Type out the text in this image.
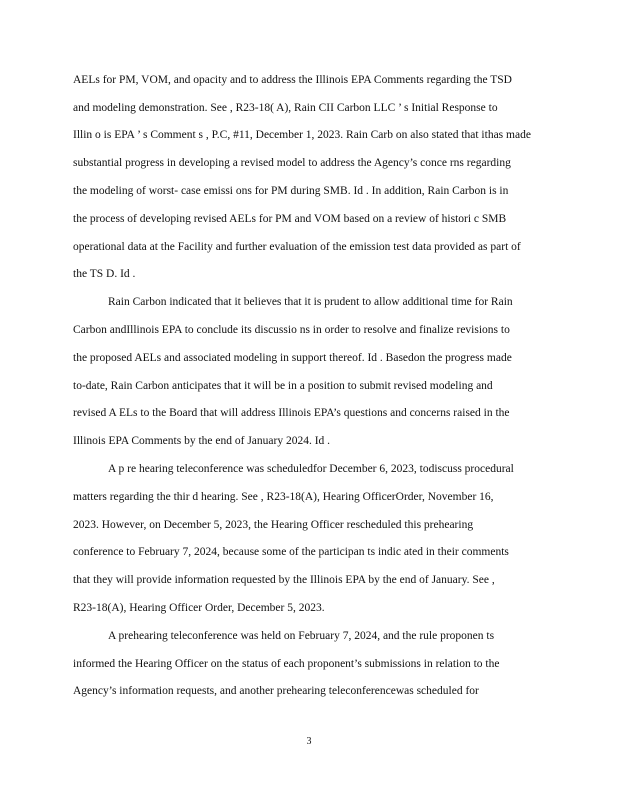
AELs for PM, VOM, and opacity and to address the Illinois EPA Comments regarding the TSD
and modeling demonstration. See , R23-18( A), Rain CII Carbon LLC ’ s Initial Response to
Illin o is EPA ’ s Comment s , P.C, #11, December 1, 2023. Rain Carb on also stated that ithas made
substantial progress in developing a revised model to address the Agency’s conce rns regarding
the modeling of worst- case emissi ons for PM during SMB. Id . In addition, Rain Carbon is in
the process of developing revised AELs for PM and VOM based on a review of histori c SMB
operational data at the Facility and further evaluation of the emission test data provided as part of
the TS D. Id .
Rain Carbon indicated that it believes that it is prudent to allow additional time for Rain
Carbon andIllinois EPA to conclude its discussio ns in order to resolve and finalize revisions to
the proposed AELs and associated modeling in support thereof. Id . Basedon the progress made
to-date, Rain Carbon anticipates that it will be in a position to submit revised modeling and
revised A ELs to the Board that will address Illinois EPA’s questions and concerns raised in the
Illinois EPA Comments by the end of January 2024. Id .
A p re hearing teleconference was scheduledfor December 6, 2023, todiscuss procedural
matters regarding the thir d hearing. See , R23-18(A), Hearing OfficerOrder, November 16,
2023. However, on December 5, 2023, the Hearing Officer rescheduled this prehearing
conference to February 7, 2024, because some of the participan ts indic ated in their comments
that they will provide information requested by the Illinois EPA by the end of January. See ,
R23-18(A), Hearing Officer Order, December 5, 2023.
A prehearing teleconference was held on February 7, 2024, and the rule proponen ts
informed the Hearing Officer on the status of each proponent’s submissions in relation to the
Agency’s information requests, and another prehearing teleconferencewas scheduled for
3
